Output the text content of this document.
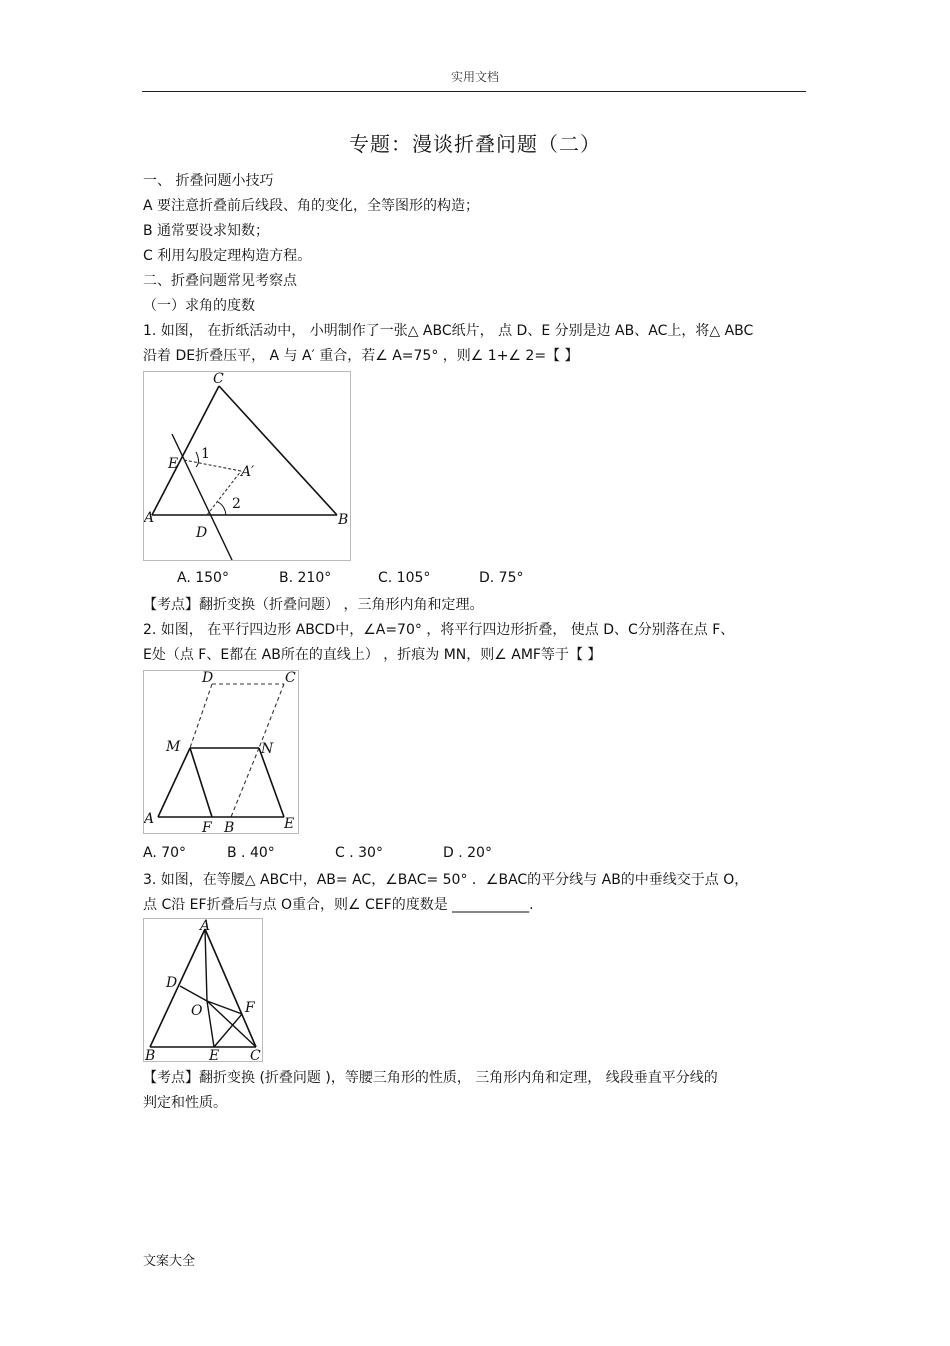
实用文档
专题：漫谈折叠问题（二）
一、 折叠问题小技巧
A 要注意折叠前后线段、角的变化，全等图形的构造；
B 通常要设求知数；
C 利用勾股定理构造方程。
二、折叠问题常见考察点
（一）求角的度数
1. 如图， 在折纸活动中， 小明制作了一张△ ABC纸片， 点 D、E 分别是边 AB、AC上，将△ ABC
沿着 DE折叠压平， A 与 A′ 重合，若∠ A=75° ，则∠ 1+∠ 2=【 】
C
E
1
A′
2
A
D
B
A. 150°	B. 210°	C. 105°	D. 75°
【考点】翻折变换（折叠问题） ，三角形内角和定理。
2. 如图， 在平行四边形 ABCD中，∠A=70° ，将平行四边形折叠， 使点 D、C分别落在点 F、
E处（点 F、E都在 AB所在的直线上） ，折痕为 MN，则∠ AMF等于【 】
D	C
M	N
A
F B	E
A. 70°	B . 40°	C . 30°	D . 20°
3. 如图，在等腰△ ABC中，AB= AC，∠BAC= 50° ．∠BAC的平分线与 AB的中垂线交于点 O，
点 C沿 EF折叠后与点 O重合，则∠ CEF的度数是 ___________.
A
D
O	F
B	E C
【考点】翻折变换 (折叠问题 )，等腰三角形的性质， 三角形内角和定理， 线段垂直平分线的
判定和性质。
文案大全
